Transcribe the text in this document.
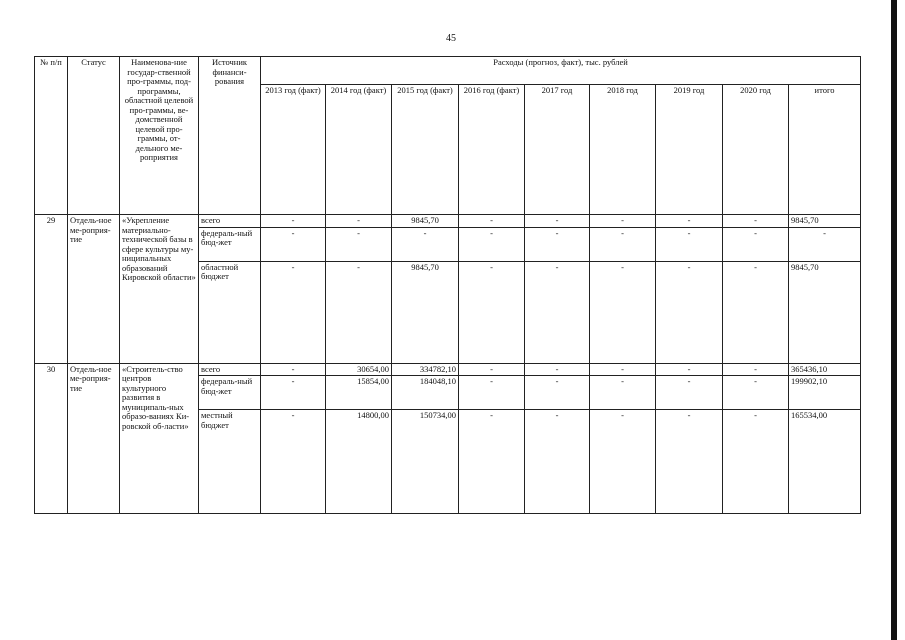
45
№ п/п	Статус	Наименова-ние государ-ственной про-граммы, под-программы, областной целевой про-граммы, ве-домственной целевой про-граммы, от-дельного ме-роприятия	Источник финанси-рования	Расходы (прогноз, факт), тыс. рублей								
				2013 год (факт)	2014 год (факт)	2015 год (факт)	2016 год (факт)	2017 год	2018 год	2019 год	2020 год	итого
29	Отдель-ное ме-роприя-тие	«Укрепление материально-технической базы в сфере культуры му-ниципальных образований Кировской области»	всего	-	-	9845,70	-	-	-	-	-	9845,70
			федераль-ный бюд-жет	-	-	-	-	-	-	-	-	-
			областной бюджет	-	-	9845,70	-	-	-	-	-	9845,70
30	Отдель-ное ме-роприя-тие	«Строитель-ство центров культурного развития в муниципаль-ных образо-ваниях Ки-ровской об-ласти»	всего	-	30654,00	334782,10	-	-	-	-	-	365436,10
			федераль-ный бюд-жет	-	15854,00	184048,10	-	-	-	-	-	199902,10
			местный бюджет	-	14800,00	150734,00	-	-	-	-	-	165534,00
